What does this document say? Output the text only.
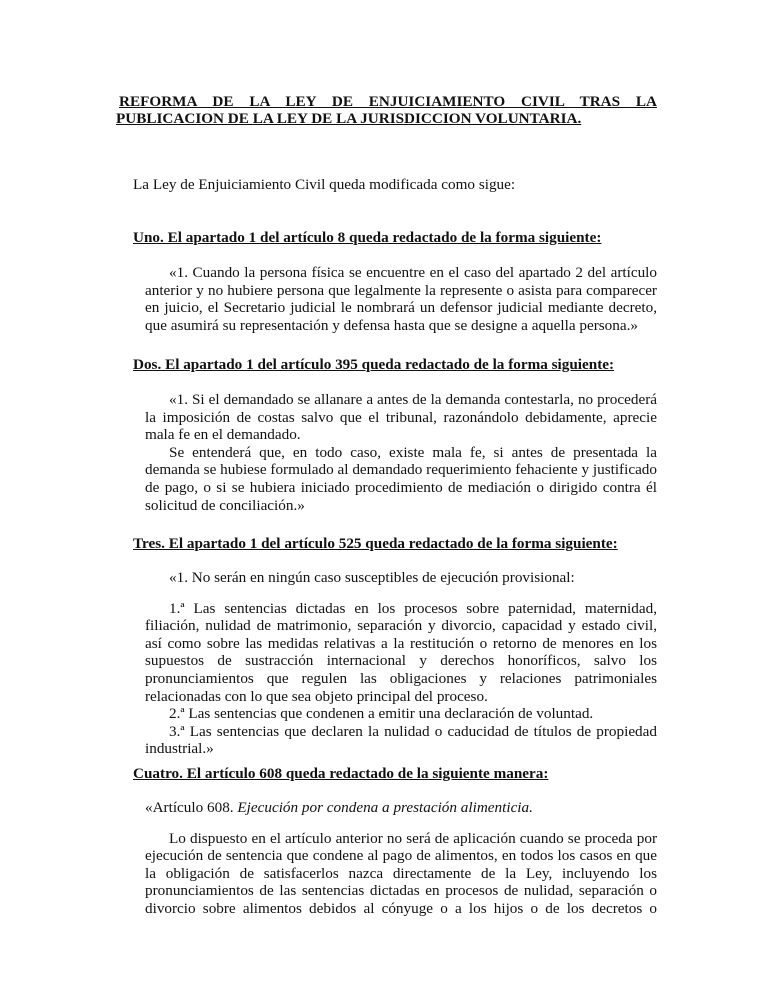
REFORMA DE LA LEY DE ENJUICIAMIENTO CIVIL TRAS LA
PUBLICACION DE LA LEY DE LA JURISDICCION VOLUNTARIA.
La Ley de Enjuiciamiento Civil queda modificada como sigue:
Uno. El apartado 1 del artículo 8 queda redactado de la forma siguiente:

«1. Cuando la persona física se encuentre en el caso del apartado 2 del artículo anterior y no hubiere persona que legalmente la represente o asista para comparecer en juicio, el Secretario judicial le nombrará un defensor judicial mediante decreto, que asumirá su representación y defensa hasta que se designe a aquella persona.»

Dos. El apartado 1 del artículo 395 queda redactado de la forma siguiente:

«1. Si el demandado se allanare a antes de la demanda contestarla, no procederá la imposición de costas salvo que el tribunal, razonándolo debidamente, aprecie mala fe en el demandado.

Se entenderá que, en todo caso, existe mala fe, si antes de presentada la demanda se hubiese formulado al demandado requerimiento fehaciente y justificado de pago, o si se hubiera iniciado procedimiento de mediación o dirigido contra él solicitud de conciliación.»

Tres. El apartado 1 del artículo 525 queda redactado de la forma siguiente:

«1. No serán en ningún caso susceptibles de ejecución provisional:

1.ª Las sentencias dictadas en los procesos sobre paternidad, maternidad, filiación, nulidad de matrimonio, separación y divorcio, capacidad y estado civil, así como sobre las medidas relativas a la restitución o retorno de menores en los supuestos de sustracción internacional y derechos honoríficos, salvo los pronunciamientos que regulen las obligaciones y relaciones patrimoniales relacionadas con lo que sea objeto principal del proceso.

2.ª Las sentencias que condenen a emitir una declaración de voluntad.

3.ª Las sentencias que declaren la nulidad o caducidad de títulos de propiedad industrial.»

Cuatro. El artículo 608 queda redactado de la siguiente manera:

«Artículo 608. Ejecución por condena a prestación alimenticia.

Lo dispuesto en el artículo anterior no será de aplicación cuando se proceda por ejecución de sentencia que condene al pago de alimentos, en todos los casos en que la obligación de satisfacerlos nazca directamente de la Ley, incluyendo los pronunciamientos de las sentencias dictadas en procesos de nulidad, separación o divorcio sobre alimentos debidos al cónyuge o a los hijos o de los decretos o
